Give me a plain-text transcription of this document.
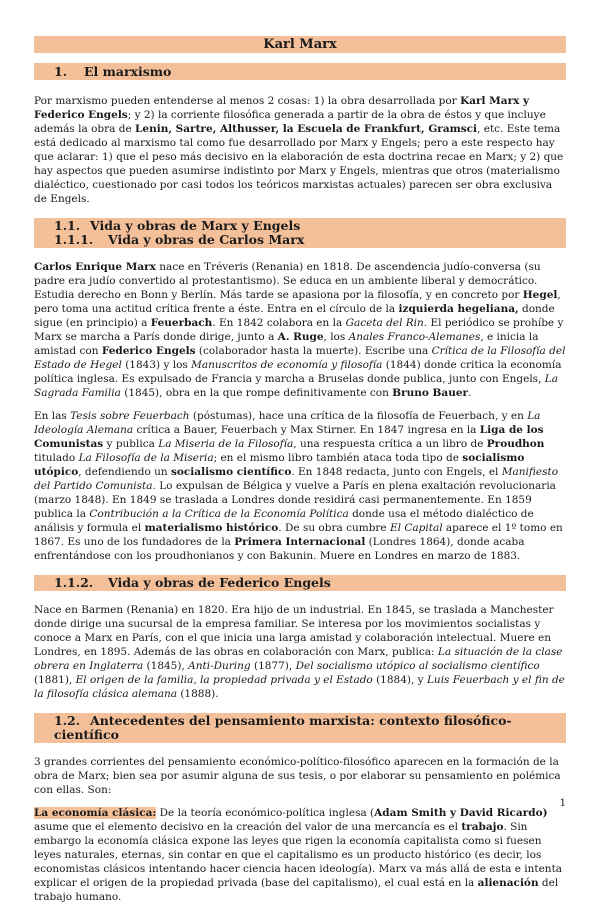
Karl Marx
1. El marxismo

Por marxismo pueden entenderse al menos 2 cosas: 1) la obra desarrollada por Karl Marx y Federico Engels; y 2) la corriente filosófica generada a partir de la obra de éstos y que incluye además la obra de Lenin, Sartre, Althusser, la Escuela de Frankfurt, Gramsci, etc. Este tema está dedicado al marxismo tal como fue desarrollado por Marx y Engels; pero a este respecto hay que aclarar: 1) que el peso más decisivo en la elaboración de esta doctrina recae en Marx; y 2) que hay aspectos que pueden asumirse indistinto por Marx y Engels, mientras que otros (materialismo dialéctico, cuestionado por casi todos los teóricos marxistas actuales) parecen ser obra exclusiva de Engels.

1.1. Vida y obras de Marx y Engels
1.1.1. Vida y obras de Carlos Marx

Carlos Enrique Marx nace en Tréveris (Renania) en 1818. De ascendencia judío-conversa (su padre era judío convertido al protestantismo). Se educa en un ambiente liberal y democrático. Estudia derecho en Bonn y Berlín. Más tarde se apasiona por la filosofía, y en concreto por Hegel, pero toma una actitud crítica frente a éste. Entra en el círculo de la izquierda hegeliana, donde sigue (en principio) a Feuerbach. En 1842 colabora en la Gaceta del Rin. El periódico se prohíbe y Marx se marcha a París donde dirige, junto a A. Ruge, los Anales Franco-Alemanes, e inicia la amistad con Federico Engels (colaborador hasta la muerte). Escribe una Crítica de la Filosofía del Estado de Hegel (1843) y los Manuscritos de economía y filosofía (1844) donde critica la economía política inglesa. Es expulsado de Francia y marcha a Bruselas donde publica, junto con Engels, La Sagrada Familia (1845), obra en la que rompe definitivamente con Bruno Bauer.

En las Tesis sobre Feuerbach (póstumas), hace una crítica de la filosofía de Feuerbach, y en La Ideología Alemana crítica a Bauer, Feuerbach y Max Stirner. En 1847 ingresa en la Liga de los Comunistas y publica La Miseria de la Filosofía, una respuesta crítica a un libro de Proudhon titulado La Filosofía de la Miseria; en el mismo libro también ataca toda tipo de socialismo utópico, defendiendo un socialismo científico. En 1848 redacta, junto con Engels, el Manifiesto del Partido Comunista. Lo expulsan de Bélgica y vuelve a París en plena exaltación revolucionaria (marzo 1848). En 1849 se traslada a Londres donde residirá casi permanentemente. En 1859 publica la Contribución a la Crítica de la Economía Política donde usa el método dialéctico de análisis y formula el materialismo histórico. De su obra cumbre El Capital aparece el 1º tomo en 1867. Es uno de los fundadores de la Primera Internacional (Londres 1864), donde acaba enfrentándose con los proudhonianos y con Bakunin. Muere en Londres en marzo de 1883.

1.1.2. Vida y obras de Federico Engels

Nace en Barmen (Renania) en 1820. Era hijo de un industrial. En 1845, se traslada a Manchester donde dirige una sucursal de la empresa familiar. Se interesa por los movimientos socialistas y conoce a Marx en París, con el que inicia una larga amistad y colaboración intelectual. Muere en Londres, en 1895. Además de las obras en colaboración con Marx, publica: La situación de la clase obrera en Inglaterra (1845), Anti-During (1877), Del socialismo utópico al socialismo científico (1881), El origen de la familia, la propiedad privada y el Estado (1884), y Luis Feuerbach y el fin de la filosofía clásica alemana (1888).

1.2. Antecedentes del pensamiento marxista: contexto filosófico-científico

3 grandes corrientes del pensamiento económico-político-filosófico aparecen en la formación de la obra de Marx; bien sea por asumir alguna de sus tesis, o por elaborar su pensamiento en polémica con ellas. Son:

La economía clásica: De la teoría económico-política inglesa (Adam Smith y David Ricardo) asume que el elemento decisivo en la creación del valor de una mercancía es el trabajo. Sin embargo la economía clásica expone las leyes que rigen la economía capitalista como si fuesen leyes naturales, eternas, sin contar en que el capitalismo es un producto histórico (es decir, los economistas clásicos intentando hacer ciencia hacen ideología). Marx va más allá de esta e intenta explicar el origen de la propiedad privada (base del capitalismo), el cual está en la alienación del trabajo humano.

1
